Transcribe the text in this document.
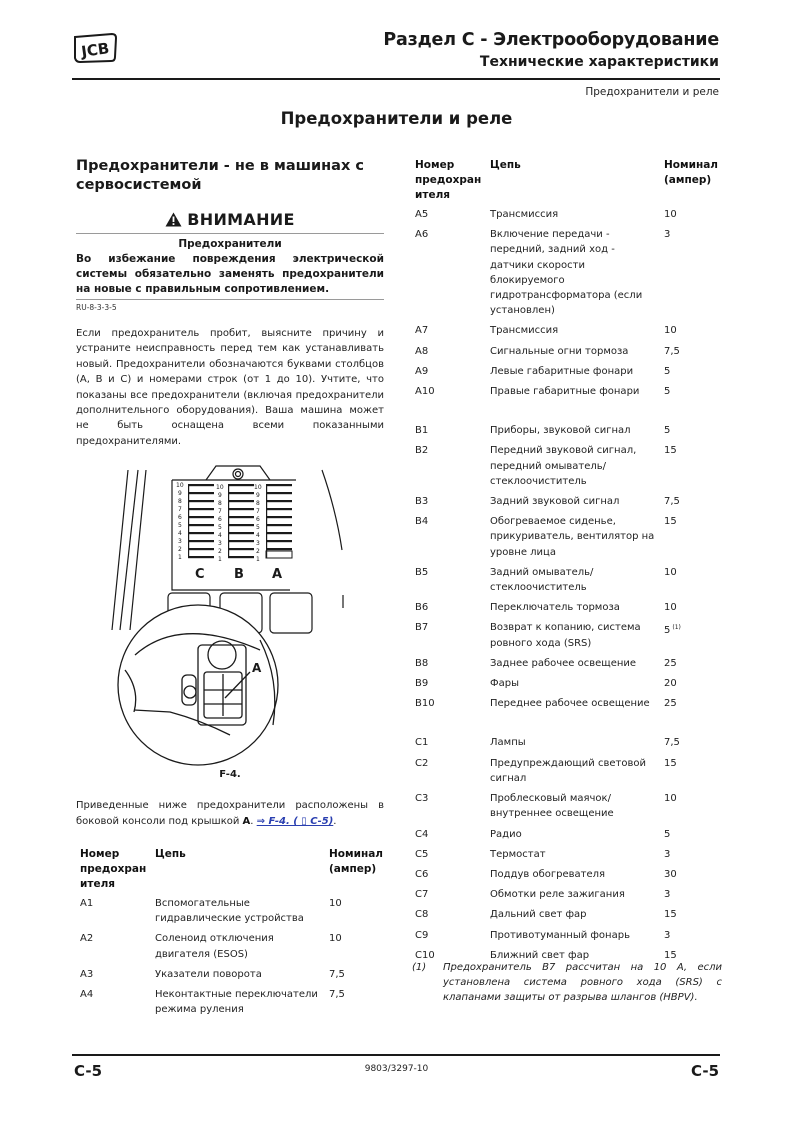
JCB	Раздел C - Электрооборудование
Технические характеристики
Предохранители и реле
Предохранители и реле
Предохранители - не в машинах с сервосистемой
ВНИМАНИЕ
Предохранители
Во избежание повреждения электрической системы обязательно заменять предохранители на новые с правильным сопротивлением.
RU-8-3-3-5
Если предохранитель пробит, выясните причину и устраните неисправность перед тем как устанавливать новый. Предохранители обозначаются буквами столбцов (А, В и С) и номерами строк (от 1 до 10). Учтите, что показаны все предохранители (включая предохранители дополнительного оборудования). Ваша машина может не быть оснащена всеми показанными предохранителями.
10
9
8
7
6
5
4
3
2
1
10
9
8
7
6
5
4
3
2
1
10
9
8
7
6
5
4
3
2
1
C B A
A
F-4.
Приведенные ниже предохранители расположены в боковой консоли под крышкой A. ⇒ F-4. ( ▯ C-5).
Номер предохран ителя	Цепь	Номинал (ампер)
A1	Вспомогательные гидравлические устройства	10
A2	Соленоид отключения двигателя (ESOS)	10
A3	Указатели поворота	7,5
A4	Неконтактные переключатели режима руления	7,5
Номер предохран ителя	Цепь	Номинал (ампер)
A5	Трансмиссия	10
A6	Включение передачи - передний, задний ход - датчики скорости блокируемого гидротрансформатора (если установлен)	3
A7	Трансмиссия	10
A8	Сигнальные огни тормоза	7,5
A9	Левые габаритные фонари	5
A10	Правые габаритные фонари	5

B1	Приборы, звуковой сигнал	5
B2	Передний звуковой сигнал, передний омыватель/ стеклоочиститель	15
B3	Задний звуковой сигнал	7,5
B4	Обогреваемое сиденье, прикуриватель, вентилятор на уровне лица	15
B5	Задний омыватель/ стеклоочиститель	10
B6	Переключатель тормоза	10
B7	Возврат к копанию, система ровного хода (SRS)	5 $^{(1)}$
B8	Заднее рабочее освещение	25
B9	Фары	20
B10	Переднее рабочее освещение	25

C1	Лампы	7,5
C2	Предупреждающий световой сигнал	15
C3	Проблесковый маячок/ внутреннее освещение	10
C4	Радио	5
C5	Термостат	3
C6	Поддув обогревателя	30
C7	Обмотки реле зажигания	3
C8	Дальний свет фар	15
C9	Противотуманный фонарь	3
C10	Ближний свет фар	15
(1) Предохранитель B7 рассчитан на 10 A, если установлена система ровного хода (SRS) с клапанами защиты от разрыва шлангов (HBPV).
C-5	9803/3297-10	C-5
